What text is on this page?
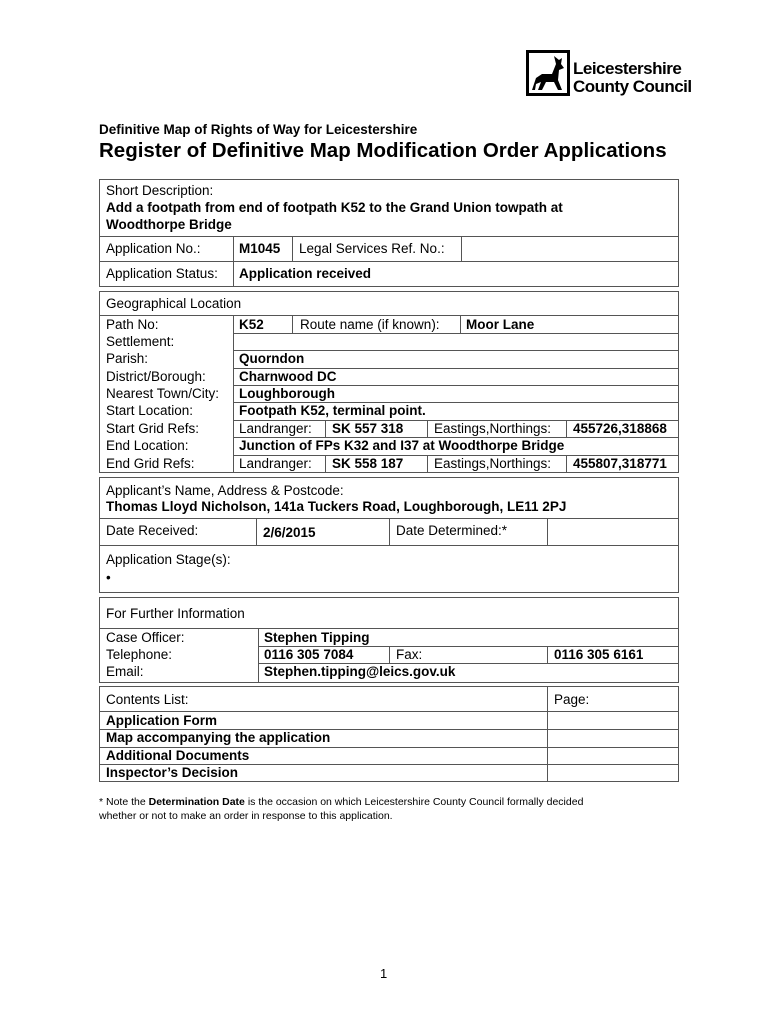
Leicestershire
County Council
Definitive Map of Rights of Way for Leicestershire
Register of Definitive Map Modification Order Applications
Short Description:
Add a footpath from end of footpath K52 to the Grand Union towpath at
Woodthorpe Bridge
Application No.:	M1045 Legal Services Ref. No.:
Application Status: Application received
Geographical Location
Path No:	K52	Route name (if known): Moor Lane
Settlement:
Parish:	Quorndon
District/Borough: Charnwood DC
Nearest Town/City: Loughborough
Start Location:	Footpath K52, terminal point.
Start Grid Refs:	Landranger: SK 557 318 Eastings,Northings: 455726,318868
End Location:	Junction of FPs K32 and I37 at Woodthorpe Bridge
End Grid Refs:	Landranger: SK 558 187 Eastings,Northings: 455807,318771
Applicant’s Name, Address & Postcode:
Thomas Lloyd Nicholson, 141a Tuckers Road, Loughborough, LE11 2PJ
Date Received:	2/6/2015	Date Determined:*
Application Stage(s):
•
For Further Information
Case Officer:	Stephen Tipping
Telephone:	0116 305 7084	Fax:	0116 305 6161
Email:	Stephen.tipping@leics.gov.uk
Contents List:	Page:
Application Form
Map accompanying the application
Additional Documents
Inspector’s Decision
* Note the Determination Date is the occasion on which Leicestershire County Council formally decided
whether or not to make an order in response to this application.
1
